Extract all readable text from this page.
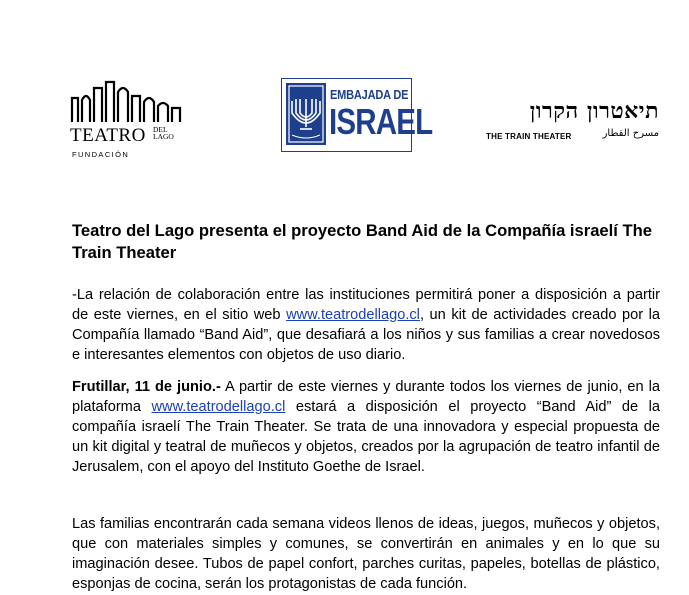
TEATRO DEL
LAGO
FUNDACIÓN
EMBAJADA DE
ISRAEL	תיאטרון הקרון
THE TRAIN THEATER	مسرح القطار
Teatro del Lago presenta el proyecto Band Aid de la Compañía israelí The Train Theater

-La relación de colaboración entre las instituciones permitirá poner a disposición a partir de este viernes, en el sitio web www.teatrodellago.cl, un kit de actividades creado por la Compañía llamado “Band Aid”, que desafiará a los niños y sus familias a crear novedosos e interesantes elementos con objetos de uso diario.

Frutillar, 11 de junio.- A partir de este viernes y durante todos los viernes de junio, en la plataforma www.teatrodellago.cl estará a disposición el proyecto “Band Aid” de la compañía israelí The Train Theater. Se trata de una innovadora y especial propuesta de un kit digital y teatral de muñecos y objetos, creados por la agrupación de teatro infantil de Jerusalem, con el apoyo del Instituto Goethe de Israel.

Las familias encontrarán cada semana videos llenos de ideas, juegos, muñecos y objetos, que con materiales simples y comunes, se convertirán en animales y en lo que su imaginación desee. Tubos de papel confort, parches curitas, papeles, botellas de plástico, esponjas de cocina, serán los protagonistas de cada función.
